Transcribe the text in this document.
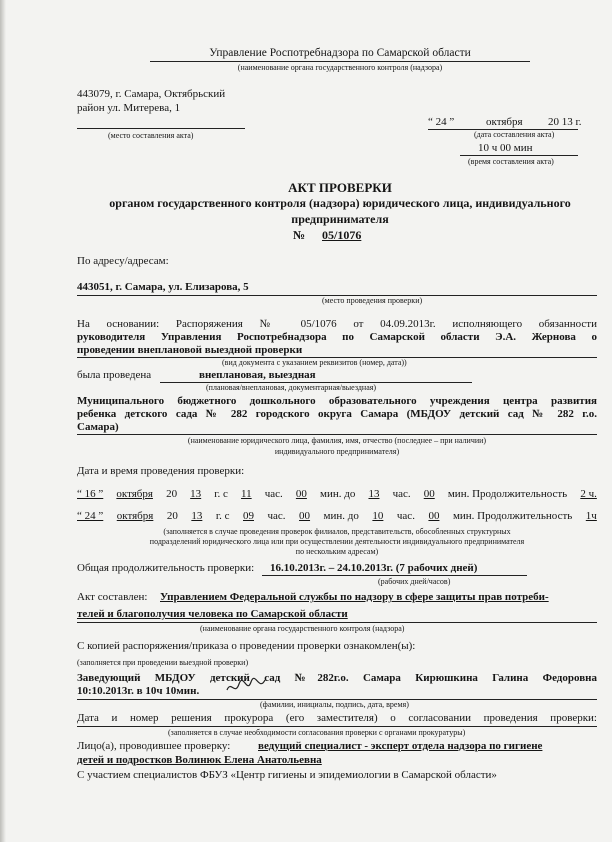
Управление Роспотребнадзора по Самарской области
(наименование органа государственного контроля (надзора)
443079, г. Самара, Октябрьский
район ул. Митерева, 1
(место составления акта)
“ 24 ”	октября 20 13 г.
(дата составления акта)
10 ч 00 мин
(время составления акта)
АКТ ПРОВЕРКИ
органом государственного контроля (надзора) юридического лица, индивидуального
предпринимателя
№ 05/1076
По адресу/адресам:
443051, г. Самара, ул. Елизарова, 5
(место проведения проверки)
На основании: Распоряжения № 05/1076 от 04.09.2013г. исполняющего обязанности
руководителя Управления Роспотребнадзора по Самарской области Э.А. Жернова о
проведении внеплановой выездной проверки
(вид документа с указанием реквизитов (номер, дата))
была проведена	внеплановая, выездная
(плановая/внеплановая, документарная/выездная)
Муниципального бюджетного дошкольного образовательного учреждения центра развития
ребенка детского сада № 282 городского округа Самара (МБДОУ детский сад № 282 г.о.
Самара)
(наименование юридического лица, фамилия, имя, отчество (последнее – при наличии)
индивидуального предпринимателя)
Дата и время проведения проверки:
“ 16 ” октября 20 13 г. с 11 час. 00 мин. до 13 час. 00 мин. Продолжительность 2 ч.
“ 24 ” октября 20 13 г. с 09 час. 00 мин. до 10 час. 00 мин. Продолжительность 1ч
(заполняется в случае проведения проверок филиалов, представительств, обособленных структурных
подразделений юридического лица или при осуществлении деятельности индивидуального предпринимателя
по нескольким адресам)
Общая продолжительность проверки: 16.10.2013г. – 24.10.2013г. (7 рабочих дней)
(рабочих дней/часов)
Акт составлен: Управлением Федеральной службы по надзору в сфере защиты прав потреби-
телей и благополучия человека по Самарской области
(наименование органа государственного контроля (надзора)
С копией распоряжения/приказа о проведении проверки ознакомлен(ы):
(заполняется при проведении выездной проверки)
Заведующий МБДОУ детский сад №282г.о. Самара Кирюшкина Галина Федоровна
10:10.2013г. в 10ч 10мин.
(фамилии, инициалы, подпись, дата, время)
Дата и номер решения прокурора (его заместителя) о согласовании проведения проверки:
(заполняется в случае необходимости согласования проверки с органами прокуратуры)
Лицо(а), проводившее проверку:	ведущий специалист - эксперт отдела надзора по гигиене
детей и подростков Волинюк Елена Анатольевна
С участием специалистов ФБУЗ «Центр гигиены и эпидемиологии в Самарской области»
